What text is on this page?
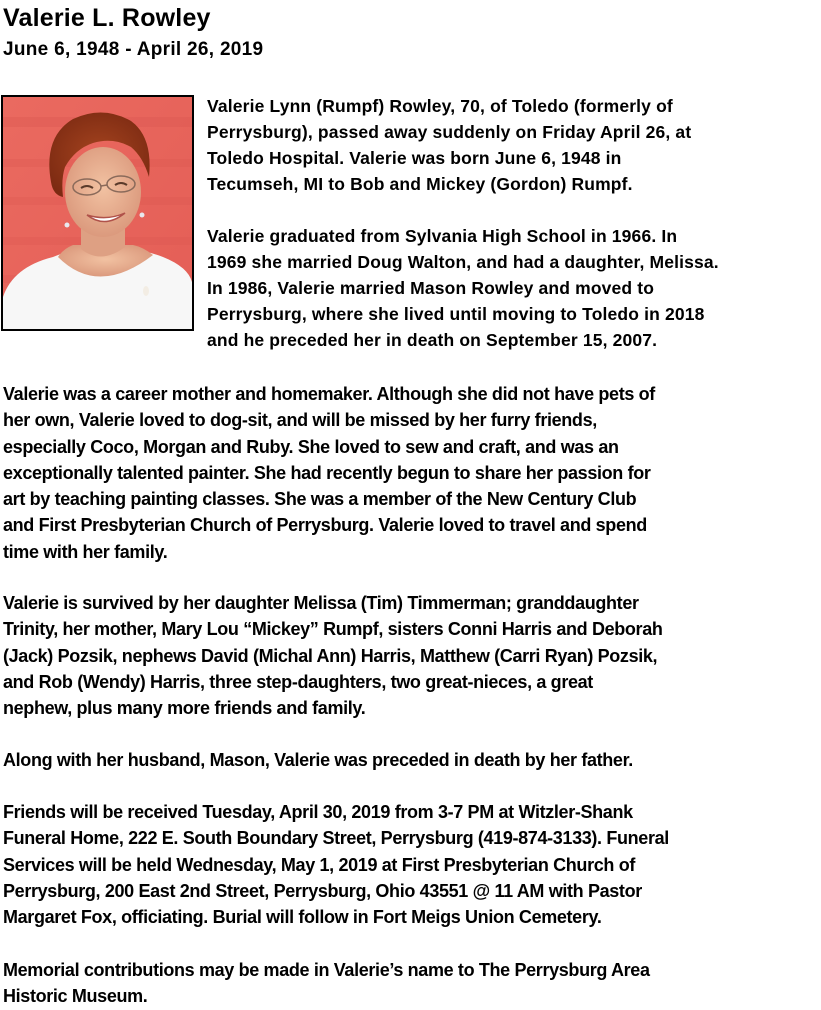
Valerie L. Rowley
June 6, 1948 - April 26, 2019

Valerie Lynn (Rumpf) Rowley, 70, of Toledo (formerly of
Perrysburg), passed away suddenly on Friday April 26, at
Toledo Hospital. Valerie was born June 6, 1948 in
Tecumseh, MI to Bob and Mickey (Gordon) Rumpf.

Valerie graduated from Sylvania High School in 1966. In
1969 she married Doug Walton, and had a daughter, Melissa.
In 1986, Valerie married Mason Rowley and moved to
Perrysburg, where she lived until moving to Toledo in 2018
and he preceded her in death on September 15, 2007.

Valerie was a career mother and homemaker. Although she did not have pets of
her own, Valerie loved to dog-sit, and will be missed by her furry friends,
especially Coco, Morgan and Ruby. She loved to sew and craft, and was an
exceptionally talented painter. She had recently begun to share her passion for
art by teaching painting classes. She was a member of the New Century Club
and First Presbyterian Church of Perrysburg. Valerie loved to travel and spend
time with her family.

Valerie is survived by her daughter Melissa (Tim) Timmerman; granddaughter
Trinity, her mother, Mary Lou “Mickey” Rumpf, sisters Conni Harris and Deborah
(Jack) Pozsik, nephews David (Michal Ann) Harris, Matthew (Carri Ryan) Pozsik,
and Rob (Wendy) Harris, three step-daughters, two great-nieces, a great
nephew, plus many more friends and family.

Along with her husband, Mason, Valerie was preceded in death by her father.

Friends will be received Tuesday, April 30, 2019 from 3-7 PM at Witzler-Shank
Funeral Home, 222 E. South Boundary Street, Perrysburg (419-874-3133). Funeral
Services will be held Wednesday, May 1, 2019 at First Presbyterian Church of
Perrysburg, 200 East 2nd Street, Perrysburg, Ohio 43551 @ 11 AM with Pastor
Margaret Fox, officiating. Burial will follow in Fort Meigs Union Cemetery.

Memorial contributions may be made in Valerie’s name to The Perrysburg Area
Historic Museum.
